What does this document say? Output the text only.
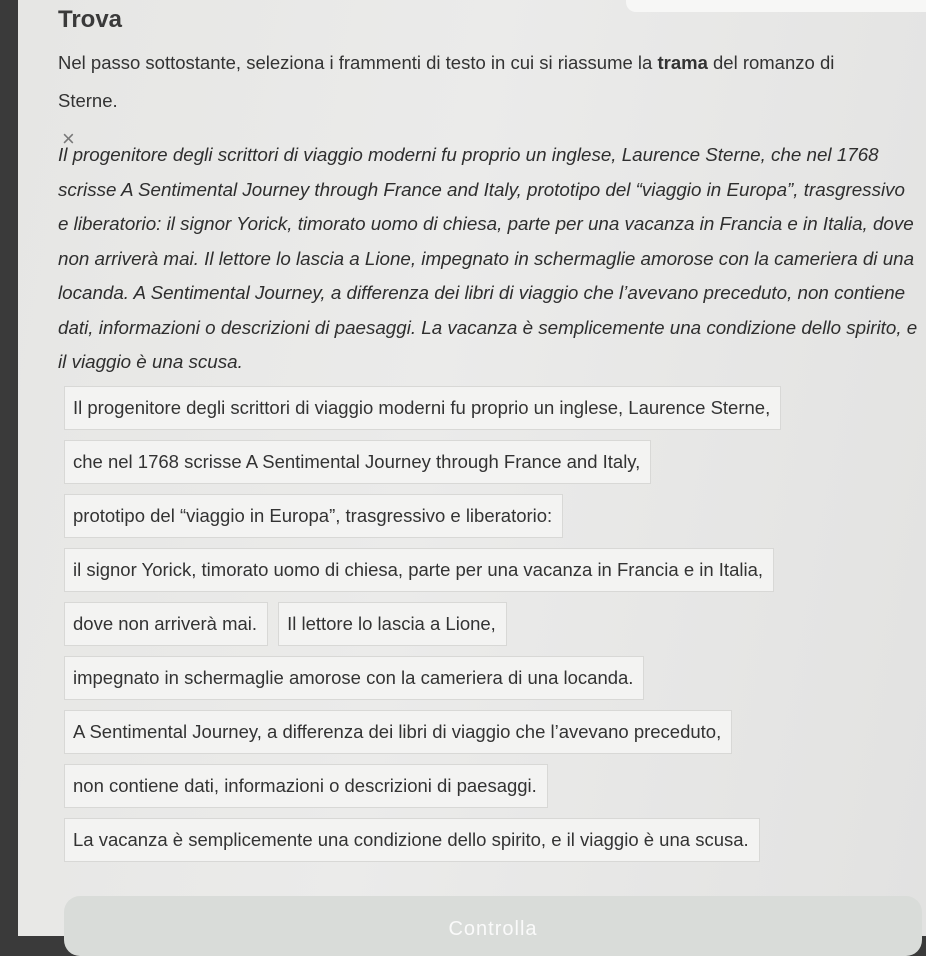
Trova
Nel passo sottostante, seleziona i frammenti di testo in cui si riassume la trama del romanzo di Sterne.
×
Il progenitore degli scrittori di viaggio moderni fu proprio un inglese, Laurence Sterne, che nel 1768 scrisse A Sentimental Journey through France and Italy, prototipo del “viaggio in Europa”, trasgressivo e liberatorio: il signor Yorick, timorato uomo di chiesa, parte per una vacanza in Francia e in Italia, dove non arriverà mai. Il lettore lo lascia a Lione, impegnato in schermaglie amorose con la cameriera di una locanda. A Sentimental Journey, a differenza dei libri di viaggio che l’avevano preceduto, non contiene dati, informazioni o descrizioni di paesaggi. La vacanza è semplicemente una condizione dello spirito, e il viaggio è una scusa.
Il progenitore degli scrittori di viaggio moderni fu proprio un inglese, Laurence Sterne,
che nel 1768 scrisse A Sentimental Journey through France and Italy,
prototipo del “viaggio in Europa”, trasgressivo e liberatorio:
il signor Yorick, timorato uomo di chiesa, parte per una vacanza in Francia e in Italia,
dove non arriverà mai.	Il lettore lo lascia a Lione,
impegnato in schermaglie amorose con la cameriera di una locanda.
A Sentimental Journey, a differenza dei libri di viaggio che l’avevano preceduto,
non contiene dati, informazioni o descrizioni di paesaggi.
La vacanza è semplicemente una condizione dello spirito, e il viaggio è una scusa.
Controlla
